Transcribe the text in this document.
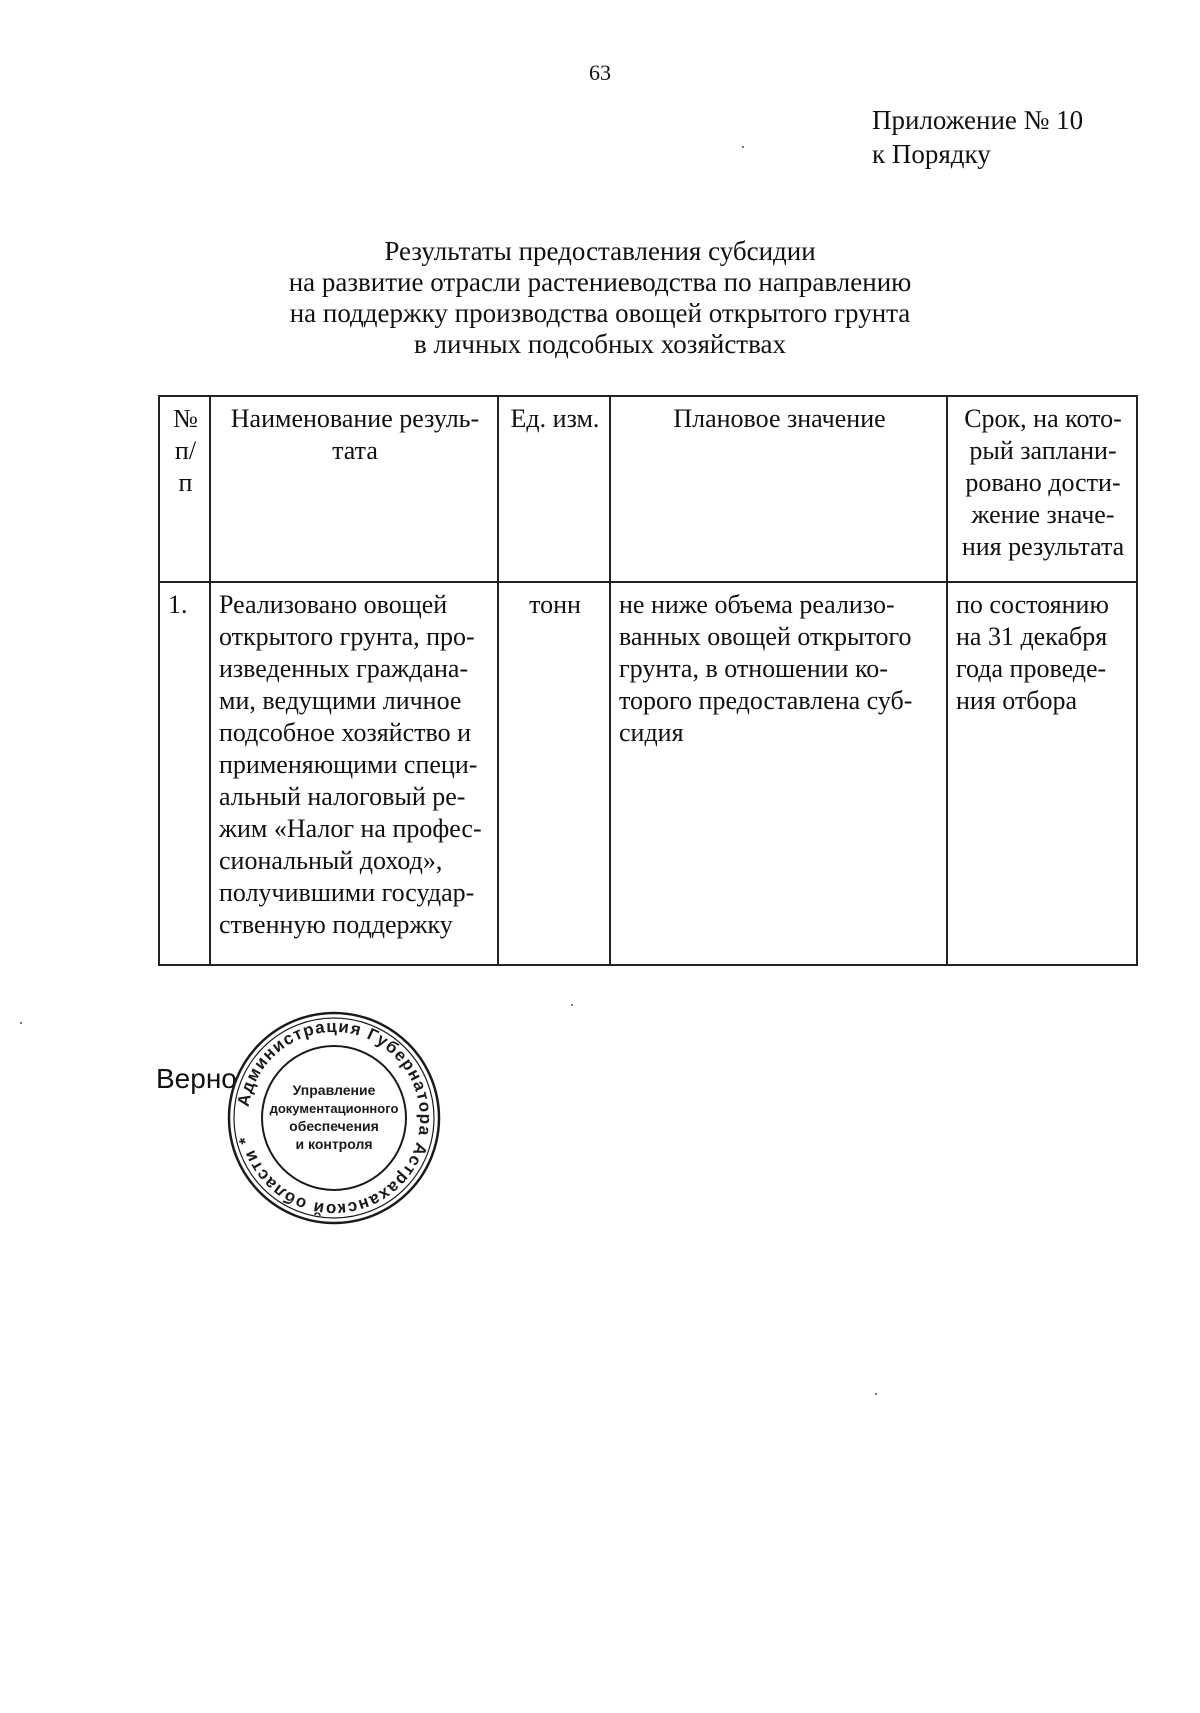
63
Приложение № 10
к Порядку
Результаты предоставления субсидии
на развитие отрасли растениеводства по направлению
на поддержку производства овощей открытого грунта
в личных подсобных хозяйствах
№ п/п	Наименование резуль-тата	Ед. изм.	Плановое значение	Срок, на кото-рый заплани-ровано дости-жение значе-ния результата
1.	Реализовано овощей открытого грунта, про-изведенных граждана-ми, ведущими личное подсобное хозяйство и применяющими специ-альный налоговый ре-жим «Налог на профес-сиональный доход», получившими государ-ственную поддержку	тонн	не ниже объема реализо-ванных овощей открытого грунта, в отношении ко-торого предоставлена суб-сидия	по состоянию на 31 декабря года проведе-ния отбора
Верно
Администрация Губернатора Астраханской области *
Управление
документационного
обеспечения
и контроля
